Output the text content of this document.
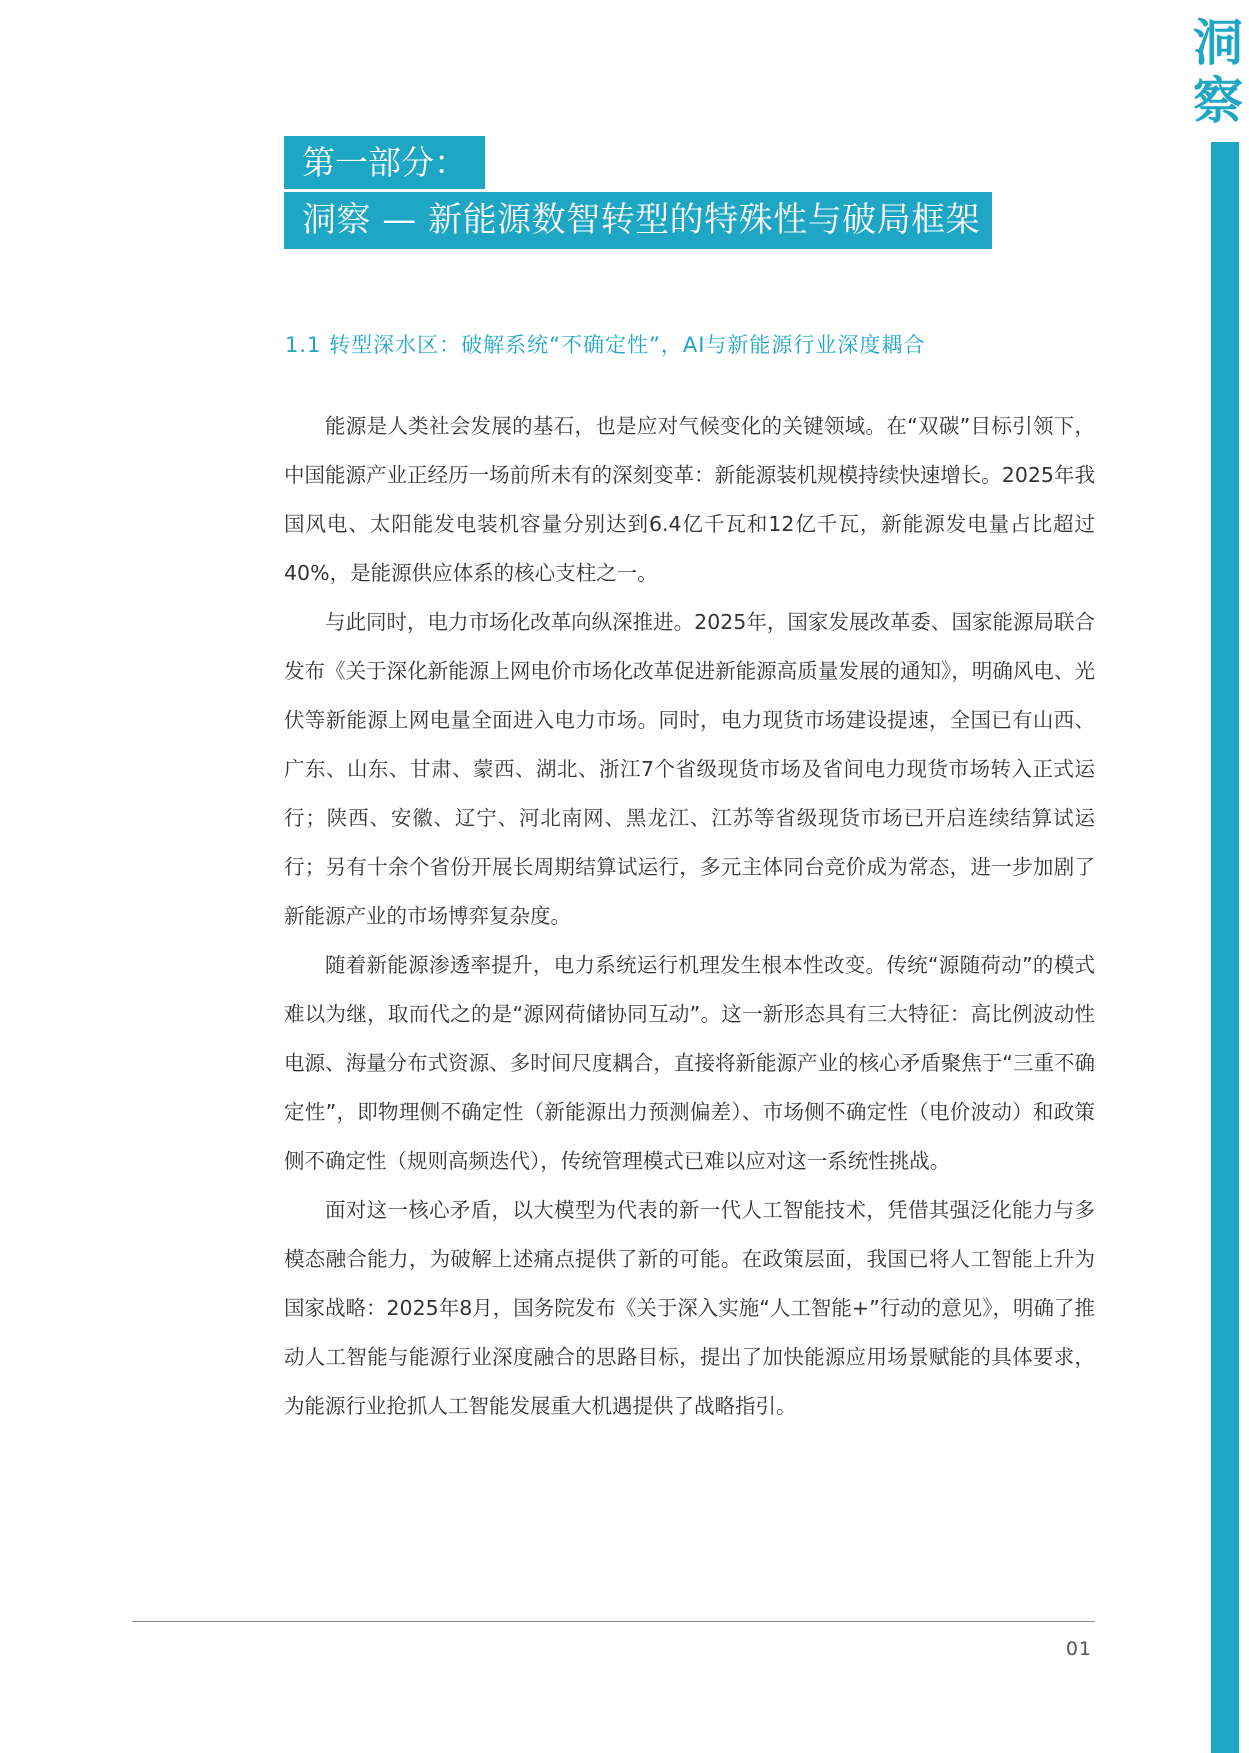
洞
察
第一部分：
洞察 — 新能源数智转型的特殊性与破局框架
1.1 转型深水区：破解系统“不确定性”，AI与新能源行业深度耦合

能源是人类社会发展的基石，也是应对气候变化的关键领域。在“双碳”目标引领下，中国能源产业正经历一场前所未有的深刻变革：新能源装机规模持续快速增长。2025年我国风电、太阳能发电装机容量分别达到6.4亿千瓦和12亿千瓦，新能源发电量占比超过40%，是能源供应体系的核心支柱之一。

与此同时，电力市场化改革向纵深推进。2025年，国家发展改革委、国家能源局联合发布《关于深化新能源上网电价市场化改革促进新能源高质量发展的通知》，明确风电、光伏等新能源上网电量全面进入电力市场。同时，电力现货市场建设提速，全国已有山西、广东、山东、甘肃、蒙西、湖北、浙江7个省级现货市场及省间电力现货市场转入正式运行；陕西、安徽、辽宁、河北南网、黑龙江、江苏等省级现货市场已开启连续结算试运行；另有十余个省份开展长周期结算试运行，多元主体同台竞价成为常态，进一步加剧了新能源产业的市场博弈复杂度。

随着新能源渗透率提升，电力系统运行机理发生根本性改变。传统“源随荷动”的模式难以为继，取而代之的是“源网荷储协同互动”。这一新形态具有三大特征：高比例波动性电源、海量分布式资源、多时间尺度耦合，直接将新能源产业的核心矛盾聚焦于“三重不确定性”，即物理侧不确定性（新能源出力预测偏差）、市场侧不确定性（电价波动）和政策侧不确定性（规则高频迭代），传统管理模式已难以应对这一系统性挑战。

面对这一核心矛盾，以大模型为代表的新一代人工智能技术，凭借其强泛化能力与多模态融合能力，为破解上述痛点提供了新的可能。在政策层面，我国已将人工智能上升为国家战略：2025年8月，国务院发布《关于深入实施“人工智能+”行动的意见》，明确了推动人工智能与能源行业深度融合的思路目标，提出了加快能源应用场景赋能的具体要求，为能源行业抢抓人工智能发展重大机遇提供了战略指引。

01
